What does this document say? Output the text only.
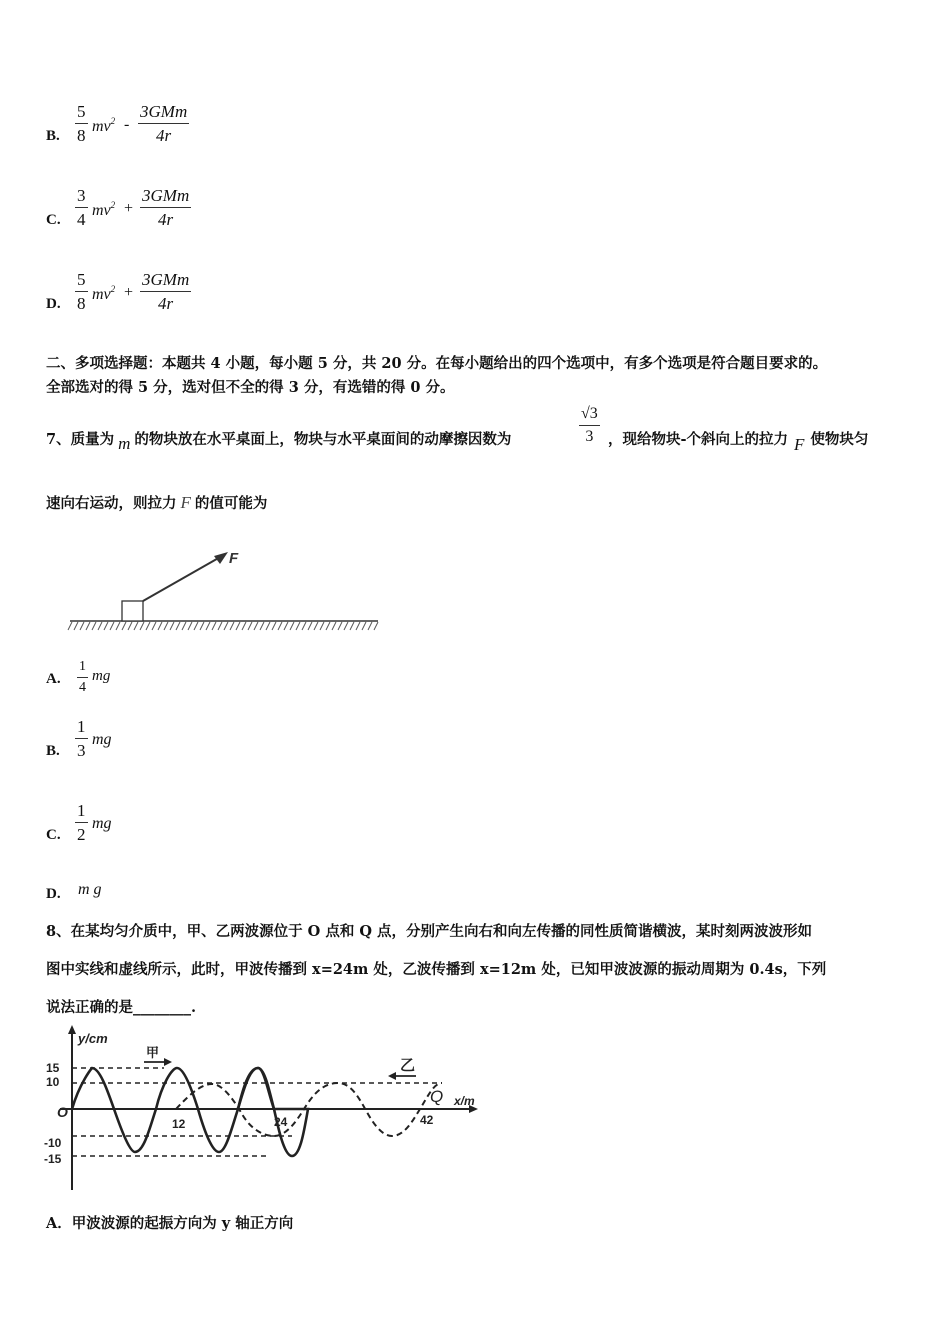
B. $\frac{5}{8} mv^2$ -
3GMm
4r
C. $\frac{3}{4} mv^2$ +
3GMm
4r
D. $\frac{5}{8} mv^2$ +
3GMm
4r
二、多项选择题：本题共 4 小题，每小题 5 分，共 20 分。在每小题给出的四个选项中，有多个选项是符合题目要求的。
全部选对的得 5 分，选对但不全的得 3 分，有选错的得 0 分。
7、质量为 m 的物块放在水平桌面上，物块与水平桌面间的动摩擦因数为	$\frac{√3}{3}$ ，现给物块-个斜向上的拉力 F 使物块匀
速向右运动，则拉力 F 的值可能为
F
A. $\frac{1}{4}$ mg
B. $\frac{1}{3}$ mg
C. $\frac{1}{2}$ mg
D. m g
8、在某均匀介质中，甲、乙两波源位于 O 点和 Q 点，分别产生向右和向左传播的同性质简谐横波，某时刻两波波形如
图中实线和虚线所示，此时，甲波传播到 x=24m 处，乙波传播到 x=12m 处，已知甲波波源的振动周期为 0.4s，下列
说法正确的是________.
y/cm
x/m
O
Q
15
10
-10
-15
12	24	42
甲
乙
A．甲波波源的起振方向为 y 轴正方向
